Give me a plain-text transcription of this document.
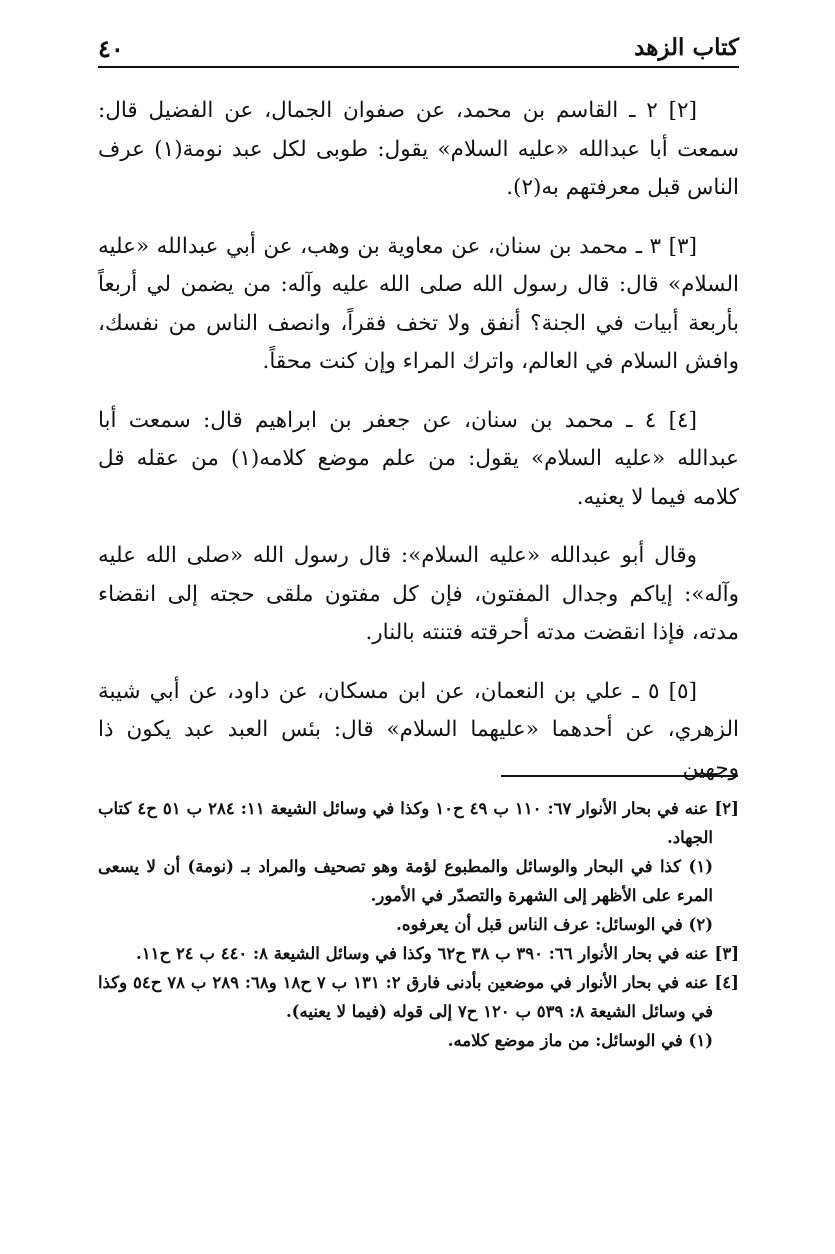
كتاب الزهد
٤٠

[٢] ٢ ـ القاسم بن محمد، عن صفوان الجمال، عن الفضيل قال: سمعت أبا عبدالله «عليه السلام» يقول: طوبى لكل عبد نومة(١) عرف الناس قبل معرفتهم به(٢).

[٣] ٣ ـ محمد بن سنان، عن معاوية بن وهب، عن أبي عبدالله «عليه السلام» قال: قال رسول الله صلى الله عليه وآله: من يضمن لي أربعاً بأربعة أبيات في الجنة؟ أنفق ولا تخف فقراً، وانصف الناس من نفسك، وافش السلام في العالم، واترك المراء وإن كنت محقاً.

[٤] ٤ ـ محمد بن سنان، عن جعفر بن ابراهيم قال: سمعت أبا عبدالله «عليه السلام» يقول: من علم موضع كلامه(١) من عقله قل كلامه فيما لا يعنيه.

وقال أبو عبدالله «عليه السلام»: قال رسول الله «صلى الله عليه وآله»: إياكم وجدال المفتون، فإن كل مفتون ملقى حجته إلى انقضاء مدته، فإذا انقضت مدته أحرقته فتنته بالنار.

[٥] ٥ ـ علي بن النعمان، عن ابن مسكان، عن داود، عن أبي شيبة الزهري، عن أحدهما «عليهما السلام» قال: بئس العبد عبد يكون ذا وجهين

[٢] عنه في بحار الأنوار ٦٧: ١١٠ ب ٤٩ ح١٠ وكذا في وسائل الشيعة ١١: ٢٨٤ ب ٥١ ح٤ كتاب الجهاد.

(١) كذا في البحار والوسائل والمطبوع لؤمة وهو تصحيف والمراد بـ (نومة) أن لا يسعى المرء على الأظهر إلى الشهرة والتصدّر في الأمور.

(٢) في الوسائل: عرف الناس قبل أن يعرفوه.

[٣] عنه في بحار الأنوار ٦٦: ٣٩٠ ب ٣٨ ح٦٢ وكذا في وسائل الشيعة ٨: ٤٤٠ ب ٢٤ ح١١.

[٤] عنه في بحار الأنوار في موضعين بأدنى فارق ٢: ١٣١ ب ٧ ح١٨ و٦٨: ٢٨٩ ب ٧٨ ح٥٤ وكذا في وسائل الشيعة ٨: ٥٣٩ ب ١٢٠ ح٧ إلى قوله (فيما لا يعنيه).

(١) في الوسائل: من ماز موضع كلامه.
